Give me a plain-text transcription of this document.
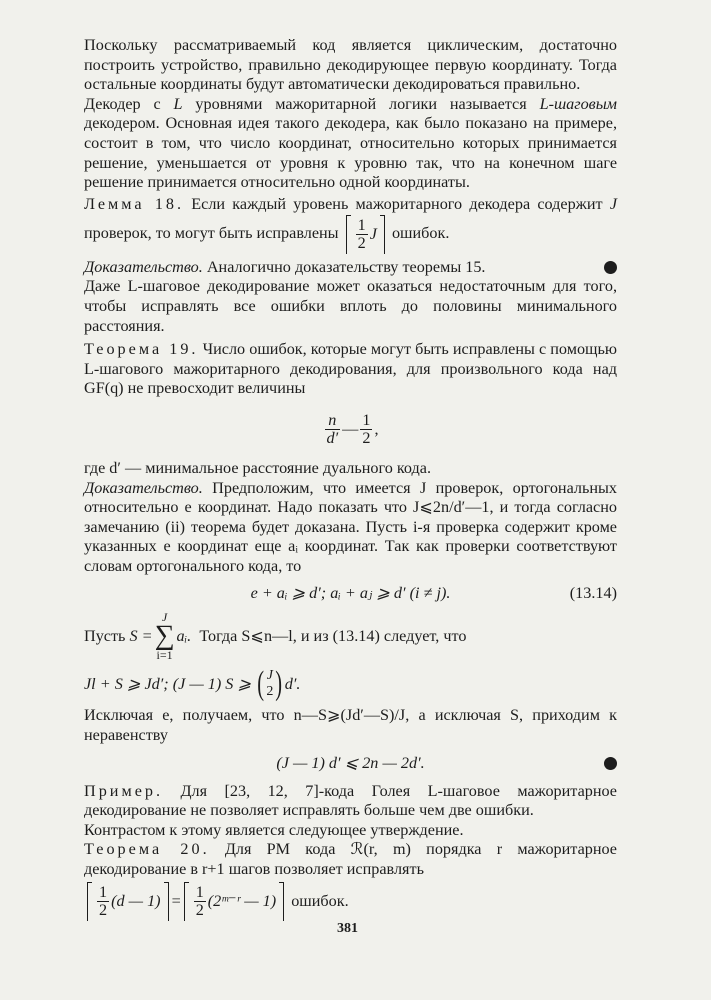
Поскольку рассматриваемый код является циклическим, достаточно построить устройство, правильно декодирующее первую координату. Тогда остальные координаты будут автоматически декодироваться правильно.

Декодер с L уровнями мажоритарной логики называется L-шаговым декодером. Основная идея такого декодера, как было показано на примере, состоит в том, что число координат, относительно которых принимается решение, уменьшается от уровня к уровню так, что на конечном шаге решение принимается относительно одной координаты.

Лемма 18. Если каждый уровень мажоритарного декодера содержит J проверок, то могут быть исправлены $\frac{1}{2}$ J ошибок.

Доказательство. Аналогично доказательству теоремы 15.

Даже L-шаговое декодирование может оказаться недостаточным для того, чтобы исправлять все ошибки вплоть до половины минимального расстояния.

Теорема 19. Число ошибок, которые могут быть исправлены с помощью L-шагового мажоритарного декодирования, для произвольного кода над GF(q) не превосходит величины

$\frac{n}{d'}$ — $\frac{1}{2}$ ,

где d′ — минимальное расстояние дуального кода.

Доказательство. Предположим, что имеется J проверок, ортогональных относительно e координат. Надо показать что J⩽2n/d′—1, и тогда согласно замечанию (ii) теорема будет доказана. Пусть i-я проверка содержит кроме указанных e координат еще aᵢ координат. Так как проверки соответствуют словам ортогонального кода, то

e + aᵢ ⩾ d′; aᵢ + aⱼ ⩾ d′ (i ≠ j).	(13.14)

Пусть
S =
J
∑
i=1
aᵢ.
Тогда S⩽n—l, и из (13.14) следует, что

Jl + S ⩾ Jd′; (J — 1) S ⩾
( J
2 ) d′.

Исключая e, получаем, что n—S⩾(Jd′—S)/J, а исключая S, приходим к неравенству

(J — 1) d′ ⩽ 2n — 2d′.

Пример. Для [23, 12, 7]-кода Голея L-шаговое мажоритарное декодирование не позволяет исправлять больше чем две ошибки.

Контрастом к этому является следующее утверждение.

Теорема 20. Для РМ кода ℛ(r, m) порядка r мажоритарное декодирование в r+1 шагов позволяет исправлять

$\frac{1}{2} (d$ — $1) = \frac{1}{2}$ (2ᵐ⁻ʳ — 1)
ошибок.

381
